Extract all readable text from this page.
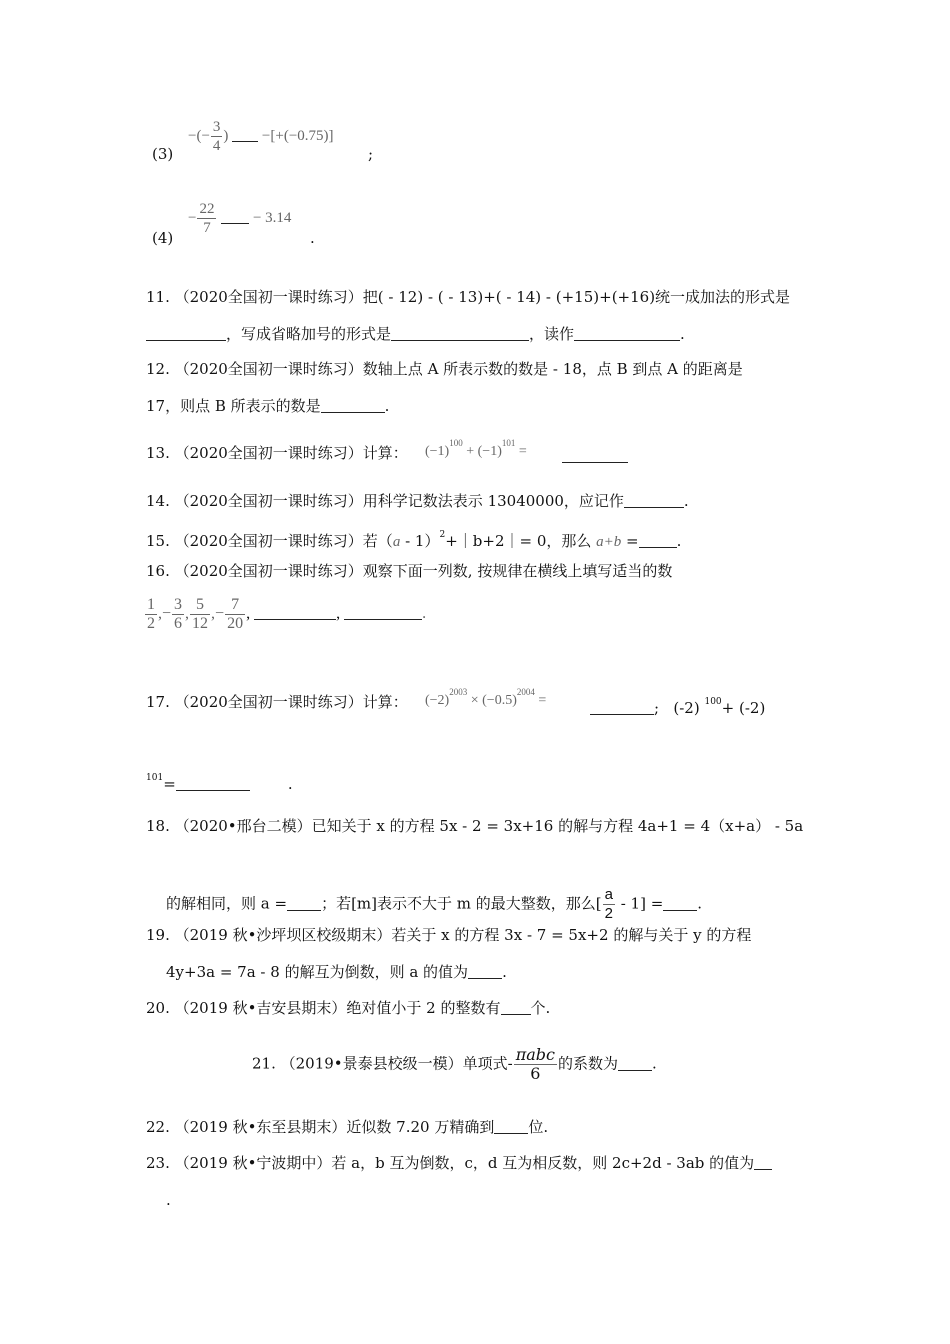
(3)
−(− $\frac{3}{4}$ ) −[+(−0.75)]
;
(4)
− $\frac{22}{7} - 3.14$
.
11. （2020全国初一课时练习）把( - 12) - ( - 13)+( - 14) - (+15)+(+16)统一成加法的形式是
，写成省略加号的形式是	，读作	.
12. （2020全国初一课时练习）数轴上点 A 所表示数的数是 - 18，点 B 到点 A 的距离是
17，则点 B 所表示的数是	.
13. （2020全国初一课时练习）计算： $(-1)^{100} + (-1)^{101}$ =
14. （2020全国初一课时练习）用科学记数法表示 13040000，应记作	.
15. （2020全国初一课时练习）若（a - 1）$^2$+｜b+2｜= 0，那么 a+b =	.
16. （2020全国初一课时练习）观察下面一列数, 按规律在横线上填写适当的数
$\frac{1}{2}$ ,− $\frac{3}{6}$ , $\frac{5}{12}$ ,− $\frac{7}{20}$ ,	,	.
17. （2020全国初一课时练习）计算： $(-2)^{2003} \times (-0.5)^{2004}$ =	; (-2) $^{100}$+ (-2)
$^{101}$=	.
18. （2020•邢台二模）已知关于 x 的方程 5x - 2 = 3x+16 的解与方程 4a+1 = 4（x+a） - 5a
的解相同，则 a = ；若[m]表示不大于 m 的最大整数，那么[ $\frac{a}{2} - 1$] = .
19. （2019 秋•沙坪坝区校级期末）若关于 x 的方程 3x - 7 = 5x+2 的解与关于 y 的方程
4y+3a = 7a - 8 的解互为倒数，则 a 的值为 .
20. （2019 秋•吉安县期末）绝对值小于 2 的整数有 个.
21. （2019•景泰县校级一模）单项式- $\frac{\text{πabc}}{6}$ 的系数为 .
22. （2019 秋•东至县期末）近似数 7.20 万精确到 位.
23. （2019 秋•宁波期中）若 a，b 互为倒数，c，d 互为相反数，则 2c+2d - 3ab 的值为
.
